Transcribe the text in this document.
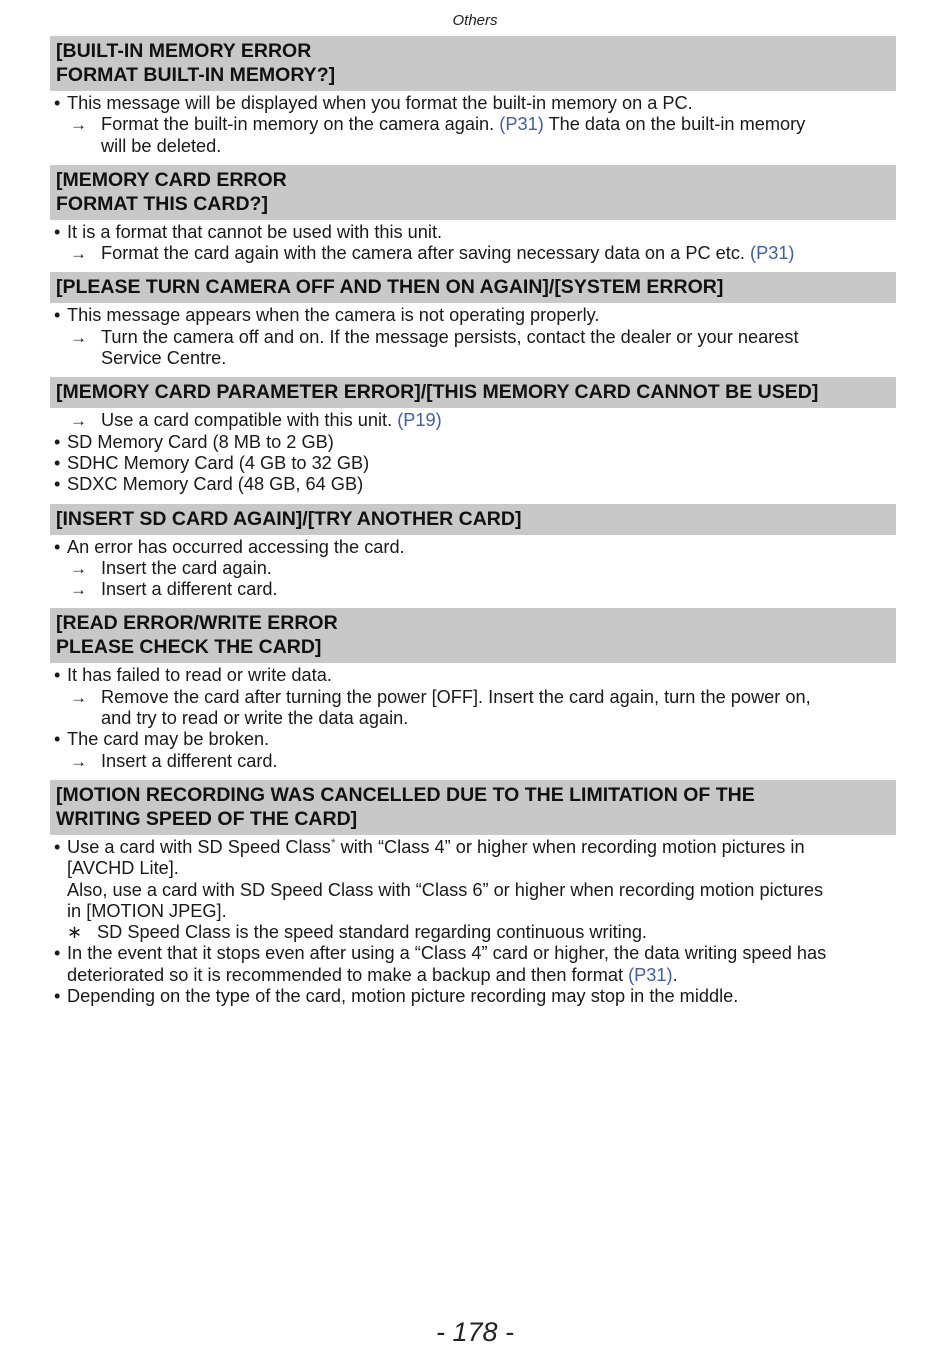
Others
[BUILT-IN MEMORY ERROR
FORMAT BUILT-IN MEMORY?]
• This message will be displayed when you format the built-in memory on a PC.
→ Format the built-in memory on the camera again. (P31) The data on the built-in memory
will be deleted.
[MEMORY CARD ERROR
FORMAT THIS CARD?]
• It is a format that cannot be used with this unit.
→ Format the card again with the camera after saving necessary data on a PC etc. (P31)
[PLEASE TURN CAMERA OFF AND THEN ON AGAIN]/[SYSTEM ERROR]
• This message appears when the camera is not operating properly.
→ Turn the camera off and on. If the message persists, contact the dealer or your nearest
Service Centre.
[MEMORY CARD PARAMETER ERROR]/[THIS MEMORY CARD CANNOT BE USED]
→ Use a card compatible with this unit. (P19)
• SD Memory Card (8 MB to 2 GB)
• SDHC Memory Card (4 GB to 32 GB)
• SDXC Memory Card (48 GB, 64 GB)
[INSERT SD CARD AGAIN]/[TRY ANOTHER CARD]
• An error has occurred accessing the card.
→ Insert the card again.
→ Insert a different card.
[READ ERROR/WRITE ERROR
PLEASE CHECK THE CARD]
• It has failed to read or write data.
→ Remove the card after turning the power [OFF]. Insert the card again, turn the power on,
and try to read or write the data again.
• The card may be broken.
→ Insert a different card.
[MOTION RECORDING WAS CANCELLED DUE TO THE LIMITATION OF THE
WRITING SPEED OF THE CARD]
• Use a card with SD Speed Class* with “Class 4” or higher when recording motion pictures in
[AVCHD Lite].
Also, use a card with SD Speed Class with “Class 6” or higher when recording motion pictures
in [MOTION JPEG].
∗ SD Speed Class is the speed standard regarding continuous writing.
• In the event that it stops even after using a “Class 4” card or higher, the data writing speed has
deteriorated so it is recommended to make a backup and then format (P31).
• Depending on the type of the card, motion picture recording may stop in the middle.
- 178 -
